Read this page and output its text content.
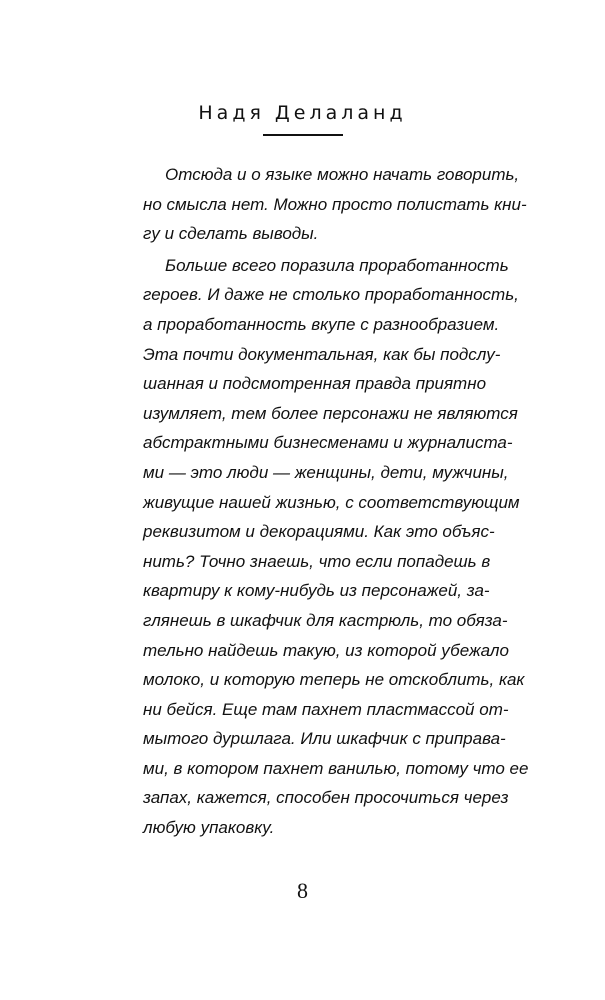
Надя Делаланд
Отсюда и о языке можно начать говорить,
но смысла нет. Можно просто полистать кни-
гу и сделать выводы.
Больше всего поразила проработанность
героев. И даже не столько проработанность,
а проработанность вкупе с разнообразием.
Эта почти документальная, как бы подслу-
шанная и подсмотренная правда приятно
изумляет, тем более персонажи не являются
абстрактными бизнесменами и журналиста-
ми — это люди — женщины, дети, мужчины,
живущие нашей жизнью, с соответствующим
реквизитом и декорациями. Как это объяс-
нить? Точно знаешь, что если попадешь в
квартиру к кому-нибудь из персонажей, за-
глянешь в шкафчик для кастрюль, то обяза-
тельно найдешь такую, из которой убежало
молоко, и которую теперь не отскоблить, как
ни бейся. Еще там пахнет пластмассой от-
мытого дуршлага. Или шкафчик с приправа-
ми, в котором пахнет ванилью, потому что ее
запах, кажется, способен просочиться через
любую упаковку.
8
